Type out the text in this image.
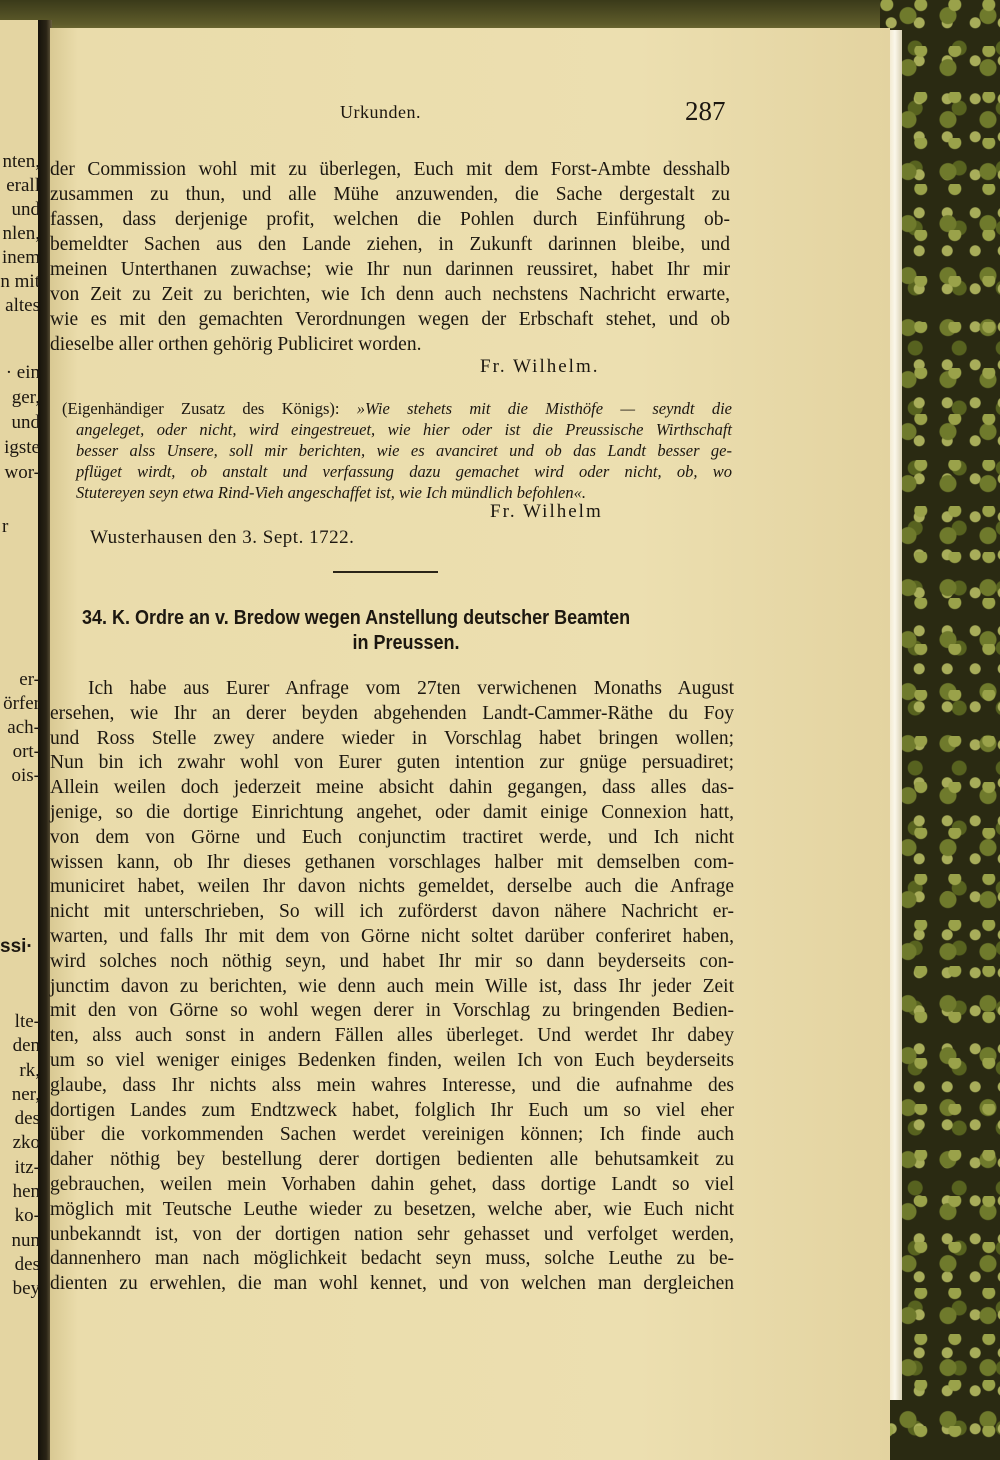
nten,
erall
und
nlen,
inem
n mit
altes
· ein
ger,
und
igste
wor-
r
er-
örfer
ach-
ort-
ois-
ssi·
lte-
den
rk,
ner,
des
zko
itz-
hen
ko-
nun
des
bey
Urkunden.	287
der Commission wohl mit zu überlegen, Euch mit dem Forst-Ambte desshalb
zusammen zu thun, und alle Mühe anzuwenden, die Sache dergestalt zu
fassen, dass derjenige profit, welchen die Pohlen durch Einführung ob-
bemeldter Sachen aus den Lande ziehen, in Zukunft darinnen bleibe, und
meinen Unterthanen zuwachse; wie Ihr nun darinnen reussiret, habet Ihr mir
von Zeit zu Zeit zu berichten, wie Ich denn auch nechstens Nachricht erwarte,
wie es mit den gemachten Verordnungen wegen der Erbschaft stehet, und ob
dieselbe aller orthen gehörig Publiciret worden.
Fr. Wilhelm.
(Eigenhändiger Zusatz des Königs): »Wie stehets mit die Misthöfe — seyndt die
angeleget, oder nicht, wird eingestreuet, wie hier oder ist die Preussische Wirthschaft
besser alss Unsere, soll mir berichten, wie es avanciret und ob das Landt besser ge-
pflüget wirdt, ob anstalt und verfassung dazu gemachet wird oder nicht, ob, wo
Stutereyen seyn etwa Rind-Vieh angeschaffet ist, wie Ich mündlich befohlen«.
Fr. Wilhelm
Wusterhausen den 3. Sept. 1722.
34. K. Ordre an v. Bredow wegen Anstellung deutscher Beamten
in Preussen.
Ich habe aus Eurer Anfrage vom 27ten verwichenen Monaths August
ersehen, wie Ihr an derer beyden abgehenden Landt-Cammer-Räthe du Foy
und Ross Stelle zwey andere wieder in Vorschlag habet bringen wollen;
Nun bin ich zwahr wohl von Eurer guten intention zur gnüge persuadiret;
Allein weilen doch jederzeit meine absicht dahin gegangen, dass alles das-
jenige, so die dortige Einrichtung angehet, oder damit einige Connexion hatt,
von dem von Görne und Euch conjunctim tractiret werde, und Ich nicht
wissen kann, ob Ihr dieses gethanen vorschlages halber mit demselben com-
municiret habet, weilen Ihr davon nichts gemeldet, derselbe auch die Anfrage
nicht mit unterschrieben, So will ich zuförderst davon nähere Nachricht er-
warten, und falls Ihr mit dem von Görne nicht soltet darüber conferiret haben,
wird solches noch nöthig seyn, und habet Ihr mir so dann beyderseits con-
junctim davon zu berichten, wie denn auch mein Wille ist, dass Ihr jeder Zeit
mit den von Görne so wohl wegen derer in Vorschlag zu bringenden Bedien-
ten, alss auch sonst in andern Fällen alles überleget. Und werdet Ihr dabey
um so viel weniger einiges Bedenken finden, weilen Ich von Euch beyderseits
glaube, dass Ihr nichts alss mein wahres Interesse, und die aufnahme des
dortigen Landes zum Endtzweck habet, folglich Ihr Euch um so viel eher
über die vorkommenden Sachen werdet vereinigen können; Ich finde auch
daher nöthig bey bestellung derer dortigen bedienten alle behutsamkeit zu
gebrauchen, weilen mein Vorhaben dahin gehet, dass dortige Landt so viel
möglich mit Teutsche Leuthe wieder zu besetzen, welche aber, wie Euch nicht
unbekanndt ist, von der dortigen nation sehr gehasset und verfolget werden,
dannenhero man nach möglichkeit bedacht seyn muss, solche Leuthe zu be-
dienten zu erwehlen, die man wohl kennet, und von welchen man dergleichen
